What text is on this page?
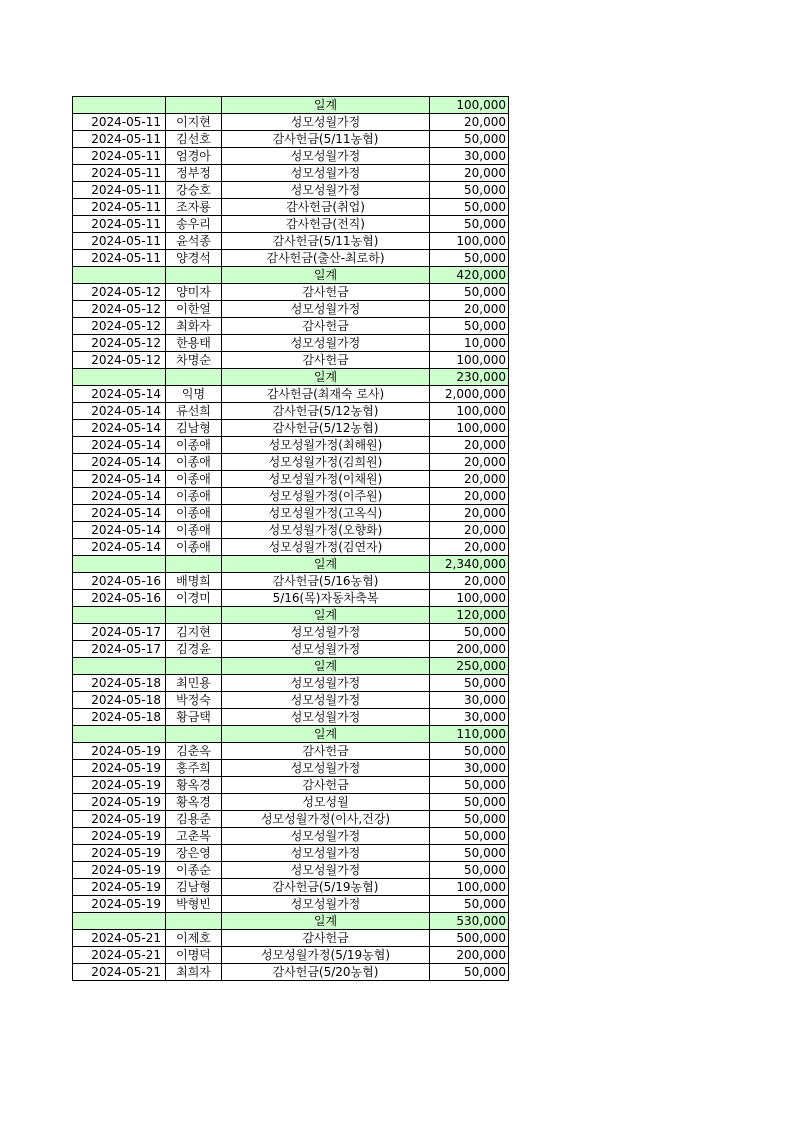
		일계	100,000
2024-05-11	이지현	성모성월가정	20,000
2024-05-11	김선호	감사헌금(5/11농협)	50,000
2024-05-11	엄경아	성모성월가정	30,000
2024-05-11	정부정	성모성월가정	20,000
2024-05-11	강승호	성모성월가정	50,000
2024-05-11	조자룡	감사헌금(취업)	50,000
2024-05-11	송우리	감사헌금(전직)	50,000
2024-05-11	윤석종	감사헌금(5/11농협)	100,000
2024-05-11	양경석	감사헌금(출산-최로하)	50,000
		일계	420,000
2024-05-12	양미자	감사헌금	50,000
2024-05-12	이한얼	성모성월가정	20,000
2024-05-12	최화자	감사헌금	50,000
2024-05-12	한용태	성모성월가정	10,000
2024-05-12	차명순	감사헌금	100,000
		일계	230,000
2024-05-14	익명	감사헌금(최재숙 로사)	2,000,000
2024-05-14	류선희	감사헌금(5/12농협)	100,000
2024-05-14	김남형	감사헌금(5/12농협)	100,000
2024-05-14	이종애	성모성월가정(최해원)	20,000
2024-05-14	이종애	성모성월가정(김희원)	20,000
2024-05-14	이종애	성모성월가정(이채원)	20,000
2024-05-14	이종애	성모성월가정(이주원)	20,000
2024-05-14	이종애	성모성월가정(고옥식)	20,000
2024-05-14	이종애	성모성월가정(오향화)	20,000
2024-05-14	이종애	성모성월가정(김연자)	20,000
		일계	2,340,000
2024-05-16	배명희	감사헌금(5/16농협)	20,000
2024-05-16	이경미	5/16(목)자동차축복	100,000
		일계	120,000
2024-05-17	김지현	성모성월가정	50,000
2024-05-17	김경윤	성모성월가정	200,000
		일계	250,000
2024-05-18	최민용	성모성월가정	50,000
2024-05-18	박정숙	성모성월가정	30,000
2024-05-18	황금택	성모성월가정	30,000
		일계	110,000
2024-05-19	김춘옥	감사헌금	50,000
2024-05-19	홍주희	성모성월가정	30,000
2024-05-19	황옥경	감사헌금	50,000
2024-05-19	황옥경	성모성월	50,000
2024-05-19	김용준	성모성월가정(이사,건강)	50,000
2024-05-19	고춘복	성모성월가정	50,000
2024-05-19	장은영	성모성월가정	50,000
2024-05-19	이종순	성모성월가정	50,000
2024-05-19	김남형	감사헌금(5/19농협)	100,000
2024-05-19	박형빈	성모성월가정	50,000
		일계	530,000
2024-05-21	이제호	감사헌금	500,000
2024-05-21	이명덕	성모성월가정(5/19농협)	200,000
2024-05-21	최희자	감사헌금(5/20농협)	50,000
